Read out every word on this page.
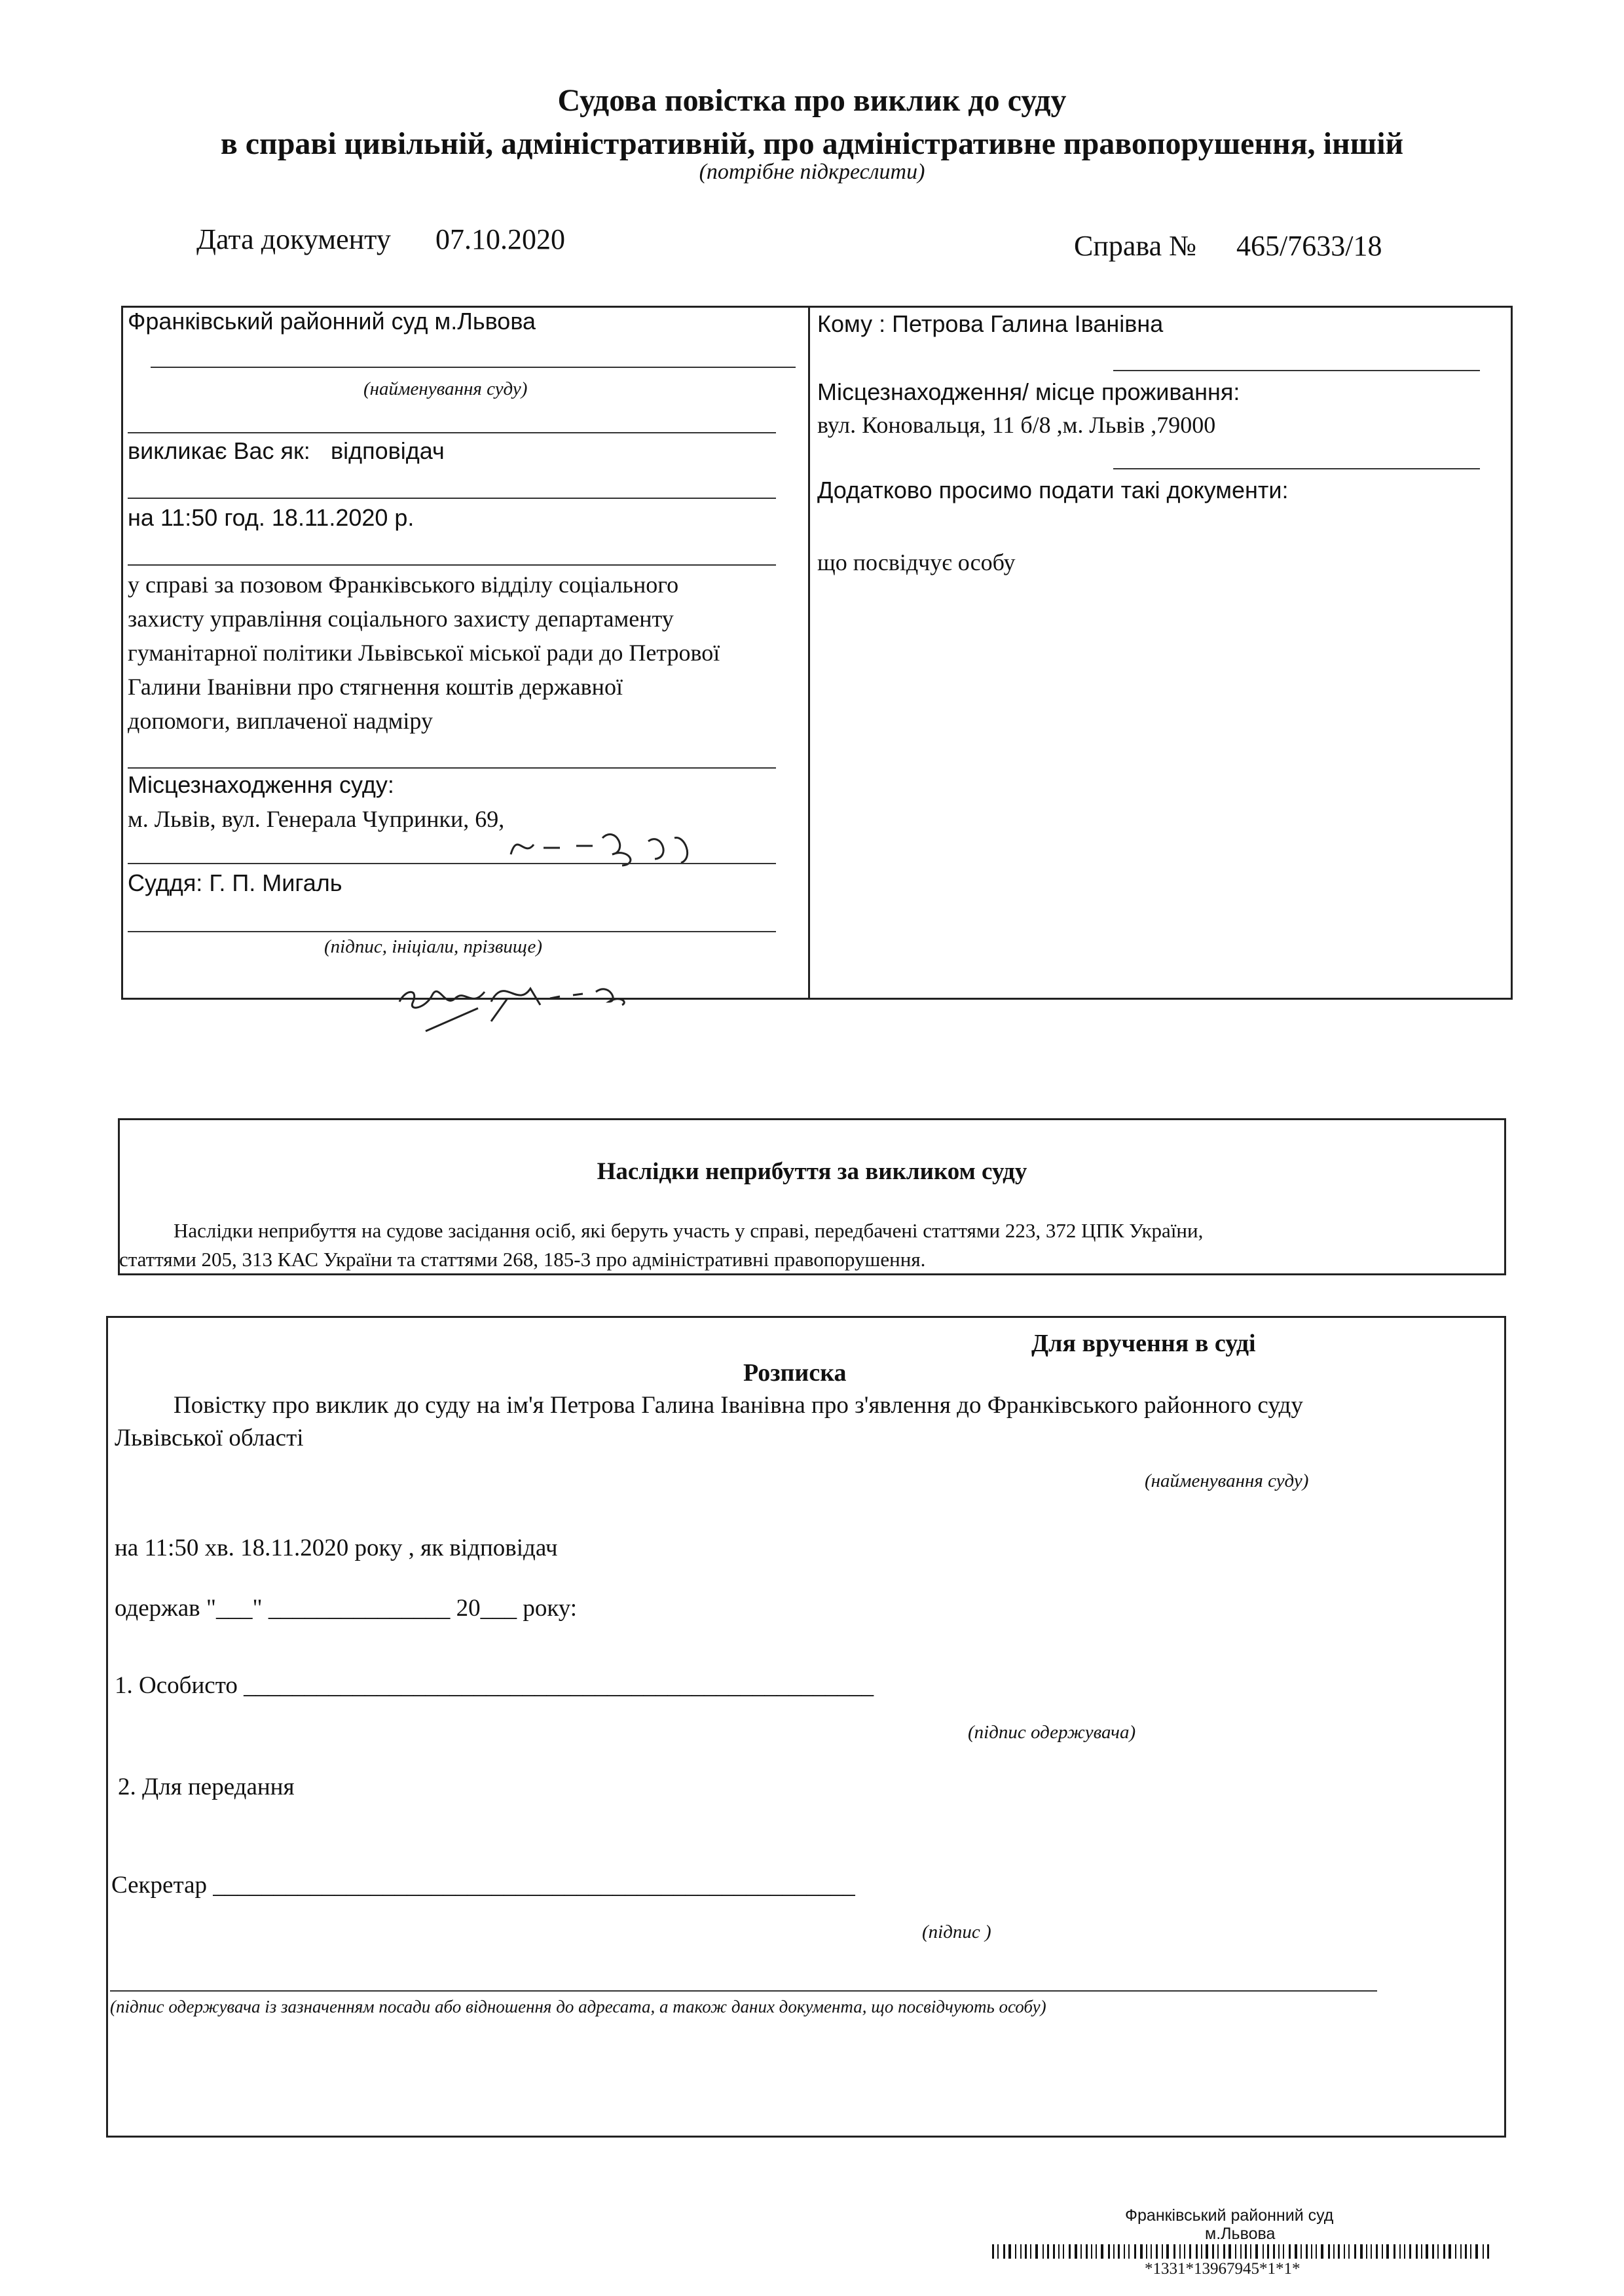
Судова повістка про виклик до суду
в справі цивільній, адміністративній, про адміністративне правопорушення, іншій
(потрібне підкреслити)
Дата документу 07.10.2020	Справа № 465/7633/18
Франківський районний суд м.Львова
(найменування суду)
викликає Вас як: відповідач
на 11:50 год. 18.11.2020 р.
у справі за позовом Франківського відділу соціального
захисту управління соціального захисту департаменту
гуманітарної політики Львівської міської ради до Петрової
Галини Іванівни про стягнення коштів державної
допомоги, виплаченої надміру
Місцезнаходження суду:
м. Львів, вул. Генерала Чупринки, 69,
Суддя: Г. П. Мигаль
(підпис, ініціали, прізвище)
Кому : Петрова Галина Іванівна
Місцезнаходження/ місце проживання:
вул. Коновальця, 11 б/8 ,м. Львів ,79000
Додатково просимо подати такі документи:
що посвідчує особу
Наслідки неприбуття за викликом суду
Наслідки неприбуття на судове засідання осіб, які беруть участь у справі, передбачені статтями 223, 372 ЦПК України,
статтями 205, 313 КАС України та статтями 268, 185-3 про адміністративні правопорушення.
Для вручення в суді
Розписка
Повістку про виклик до суду на ім'я Петрова Галина Іванівна про з'явлення до Франківського районного суду
Львівської області
(найменування суду)
на 11:50 хв. 18.11.2020 року , як відповідач
одержав "___" _______________ 20___ року:
1. Особисто ____________________________________________________
(підпис одержувача)
2. Для передання
Секретар _____________________________________________________
(підпис )
(підпис одержувача із зазначенням посади або відношення до адресата, а також даних документа, що посвідчують особу)
Франківський районний суд
м.Львова
*1331*13967945*1*1*
